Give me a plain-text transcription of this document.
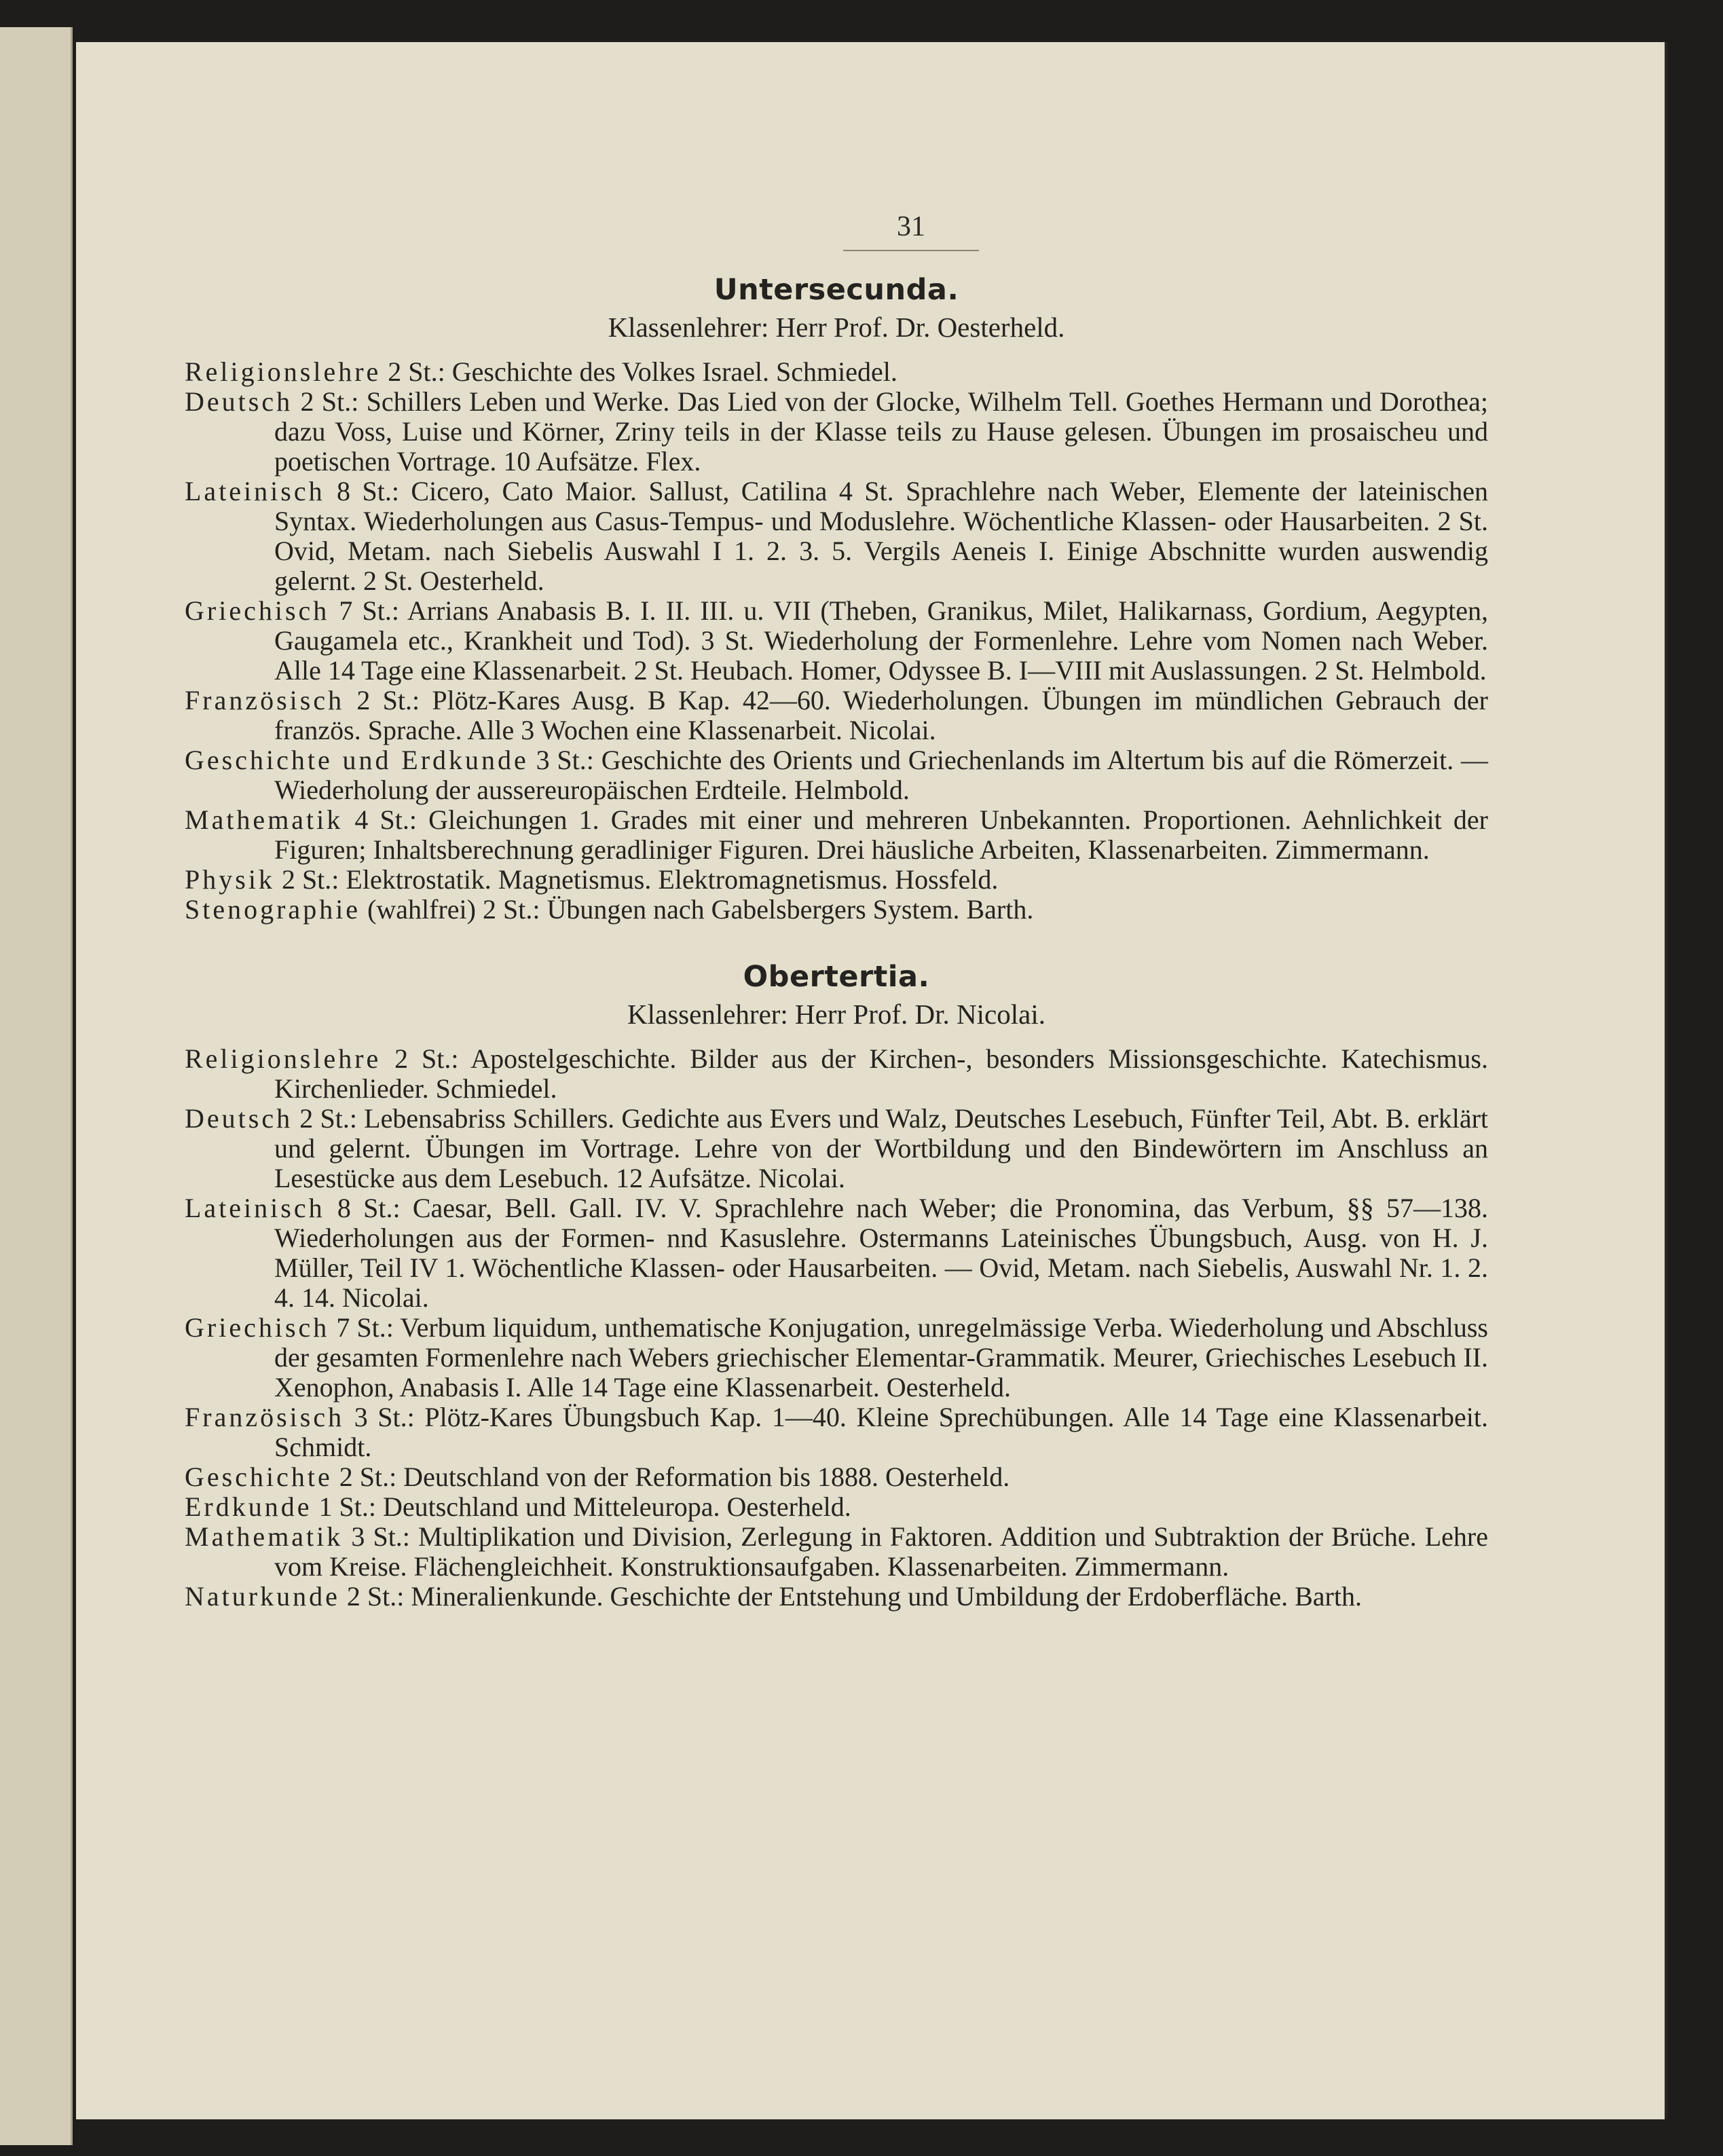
31
Untersecunda.
Klassenlehrer: Herr Prof. Dr. Oesterheld.

Religionslehre 2 St.: Geschichte des Volkes Israel. Schmiedel.

Deutsch 2 St.: Schillers Leben und Werke. Das Lied von der Glocke, Wilhelm Tell. Goethes Hermann und Dorothea; dazu Voss, Luise und Körner, Zriny teils in der Klasse teils zu Hause gelesen. Übungen im prosaischeu und poetischen Vortrage. 10 Aufsätze. Flex.

Lateinisch 8 St.: Cicero, Cato Maior. Sallust, Catilina 4 St. Sprachlehre nach Weber, Elemente der lateinischen Syntax. Wiederholungen aus Casus-Tempus- und Moduslehre. Wöchentliche Klassen- oder Hausarbeiten. 2 St. Ovid, Metam. nach Siebelis Auswahl I 1. 2. 3. 5. Vergils Aeneis I. Einige Abschnitte wurden auswendig gelernt. 2 St. Oesterheld.

Griechisch 7 St.: Arrians Anabasis B. I. II. III. u. VII (Theben, Granikus, Milet, Halikarnass, Gordium, Aegypten, Gaugamela etc., Krankheit und Tod). 3 St. Wiederholung der Formenlehre. Lehre vom Nomen nach Weber. Alle 14 Tage eine Klassenarbeit. 2 St. Heubach. Homer, Odyssee B. I—VIII mit Auslassungen. 2 St. Helmbold.

Französisch 2 St.: Plötz-Kares Ausg. B Kap. 42—60. Wiederholungen. Übungen im mündlichen Gebrauch der französ. Sprache. Alle 3 Wochen eine Klassenarbeit. Nicolai.

Geschichte und Erdkunde 3 St.: Geschichte des Orients und Griechenlands im Altertum bis auf die Römerzeit. — Wiederholung der aussereuropäischen Erdteile. Helmbold.

Mathematik 4 St.: Gleichungen 1. Grades mit einer und mehreren Unbekannten. Proportionen. Aehnlichkeit der Figuren; Inhaltsberechnung geradliniger Figuren. Drei häusliche Arbeiten, Klassenarbeiten. Zimmermann.

Physik 2 St.: Elektrostatik. Magnetismus. Elektromagnetismus. Hossfeld.

Stenographie (wahlfrei) 2 St.: Übungen nach Gabelsbergers System. Barth.

Obertertia.
Klassenlehrer: Herr Prof. Dr. Nicolai.

Religionslehre 2 St.: Apostelgeschichte. Bilder aus der Kirchen-, besonders Missionsgeschichte. Katechismus. Kirchenlieder. Schmiedel.

Deutsch 2 St.: Lebensabriss Schillers. Gedichte aus Evers und Walz, Deutsches Lesebuch, Fünfter Teil, Abt. B. erklärt und gelernt. Übungen im Vortrage. Lehre von der Wortbildung und den Bindewörtern im Anschluss an Lesestücke aus dem Lesebuch. 12 Aufsätze. Nicolai.

Lateinisch 8 St.: Caesar, Bell. Gall. IV. V. Sprachlehre nach Weber; die Pronomina, das Verbum, §§ 57—138. Wiederholungen aus der Formen- nnd Kasuslehre. Ostermanns Lateinisches Übungsbuch, Ausg. von H. J. Müller, Teil IV 1. Wöchentliche Klassen- oder Hausarbeiten. — Ovid, Metam. nach Siebelis, Auswahl Nr. 1. 2. 4. 14. Nicolai.

Griechisch 7 St.: Verbum liquidum, unthematische Konjugation, unregelmässige Verba. Wiederholung und Abschluss der gesamten Formenlehre nach Webers griechischer Elementar-Grammatik. Meurer, Griechisches Lesebuch II. Xenophon, Anabasis I. Alle 14 Tage eine Klassenarbeit. Oesterheld.

Französisch 3 St.: Plötz-Kares Übungsbuch Kap. 1—40. Kleine Sprechübungen. Alle 14 Tage eine Klassenarbeit. Schmidt.

Geschichte 2 St.: Deutschland von der Reformation bis 1888. Oesterheld.

Erdkunde 1 St.: Deutschland und Mitteleuropa. Oesterheld.

Mathematik 3 St.: Multiplikation und Division, Zerlegung in Faktoren. Addition und Subtraktion der Brüche. Lehre vom Kreise. Flächengleichheit. Konstruktionsaufgaben. Klassenarbeiten. Zimmermann.

Naturkunde 2 St.: Mineralienkunde. Geschichte der Entstehung und Umbildung der Erdoberfläche. Barth.
